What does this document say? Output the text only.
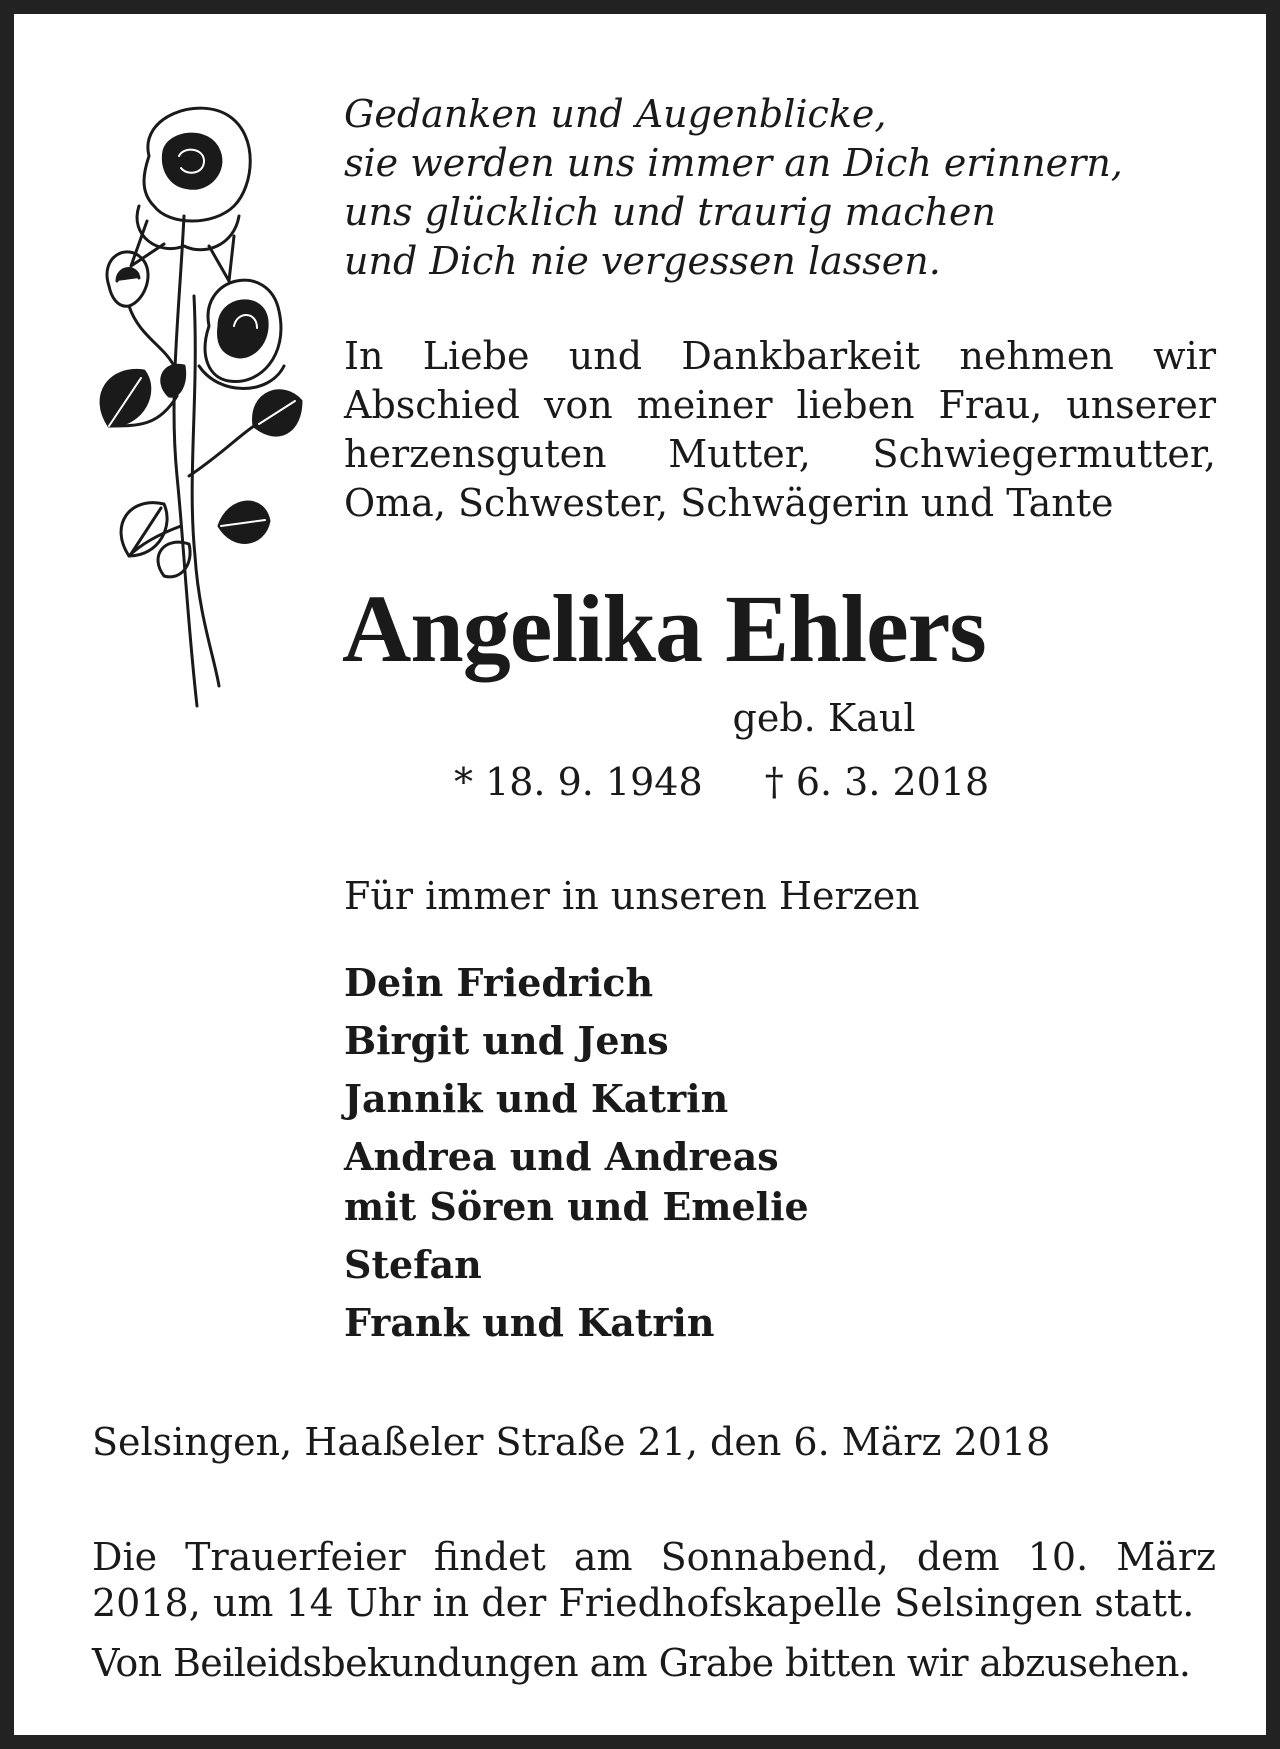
Gedanken und Augenblicke,
sie werden uns immer an Dich erinnern,
uns glücklich und traurig machen
und Dich nie vergessen lassen.
In Liebe und Dankbarkeit nehmen wir Abschied von meiner lieben Frau, unserer herzensguten Mutter, Schwiegermutter, Oma, Schwester, Schwägerin und Tante
Angelika Ehlers
geb. Kaul
* 18. 9. 1948 † 6. 3. 2018
Für immer in unseren Herzen
Dein Friedrich
Birgit und Jens
Jannik und Katrin
Andrea und Andreas
mit Sören und Emelie
Stefan
Frank und Katrin
Selsingen, Haaßeler Straße 21, den 6. März 2018
Die Trauerfeier findet am Sonnabend, dem 10. März 2018, um 14 Uhr in der Friedhofskapelle Selsingen statt.
Von Beileidsbekundungen am Grabe bitten wir abzusehen.
